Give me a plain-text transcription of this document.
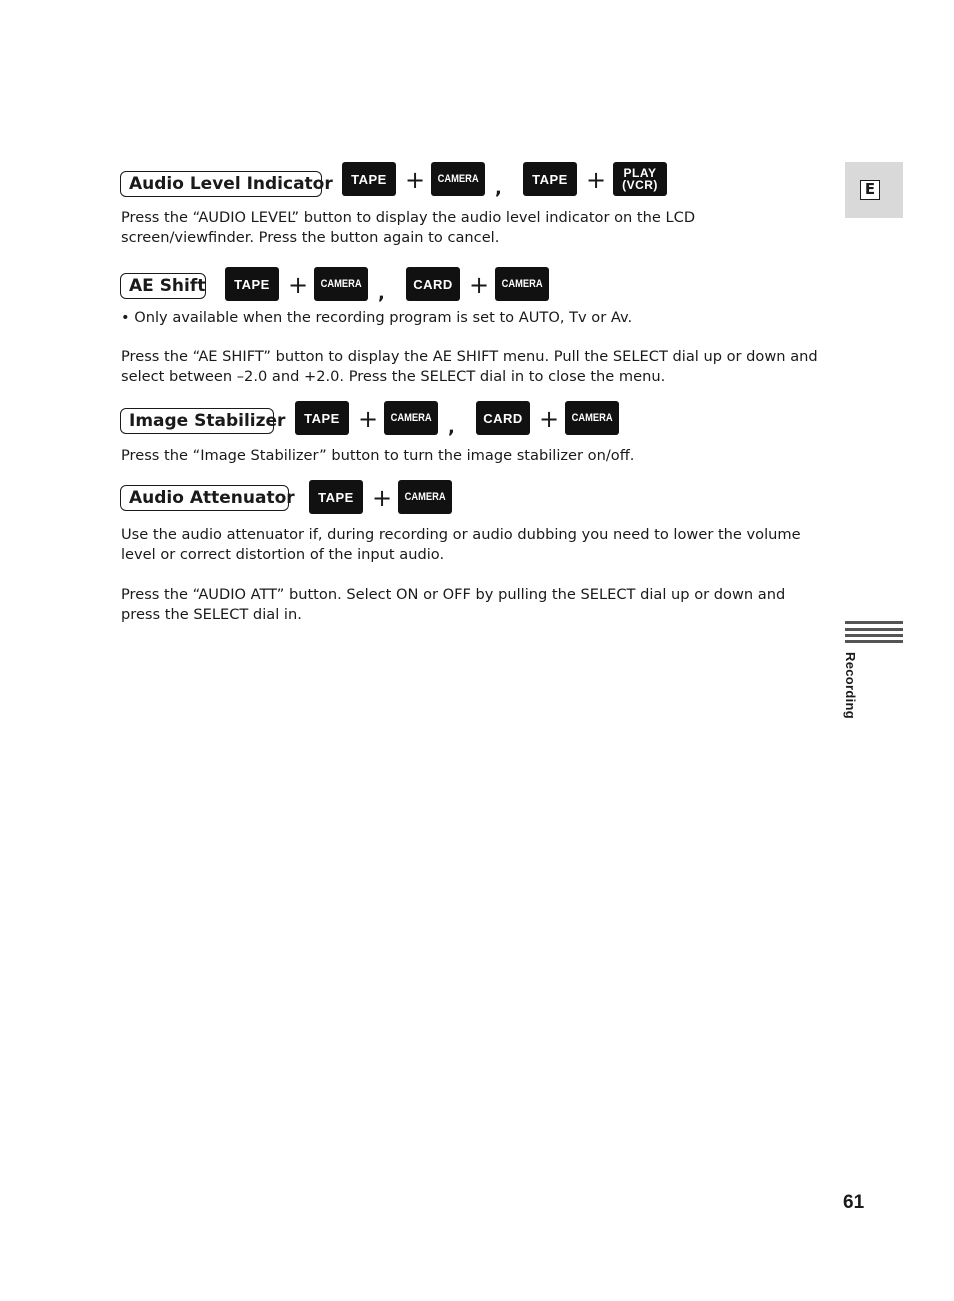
E
Recording
Audio Level Indicator	TAPE + CAMERA ,	TAPE + PLAY
(VCR)
Press the “AUDIO LEVEL” button to display the audio level indicator on the LCD screen/viewfinder. Press the button again to cancel.
AE Shift	TAPE + CAMERA ,	CARD + CAMERA
• Only available when the recording program is set to AUTO, Tv or Av.
Press the “AE SHIFT” button to display the AE SHIFT menu. Pull the SELECT dial up or down and select between –2.0 and +2.0. Press the SELECT dial in to close the menu.
Image Stabilizer	TAPE + CAMERA ,	CARD + CAMERA
Press the “Image Stabilizer” button to turn the image stabilizer on/off.
Audio Attenuator	TAPE + CAMERA
Use the audio attenuator if, during recording or audio dubbing you need to lower the volume level or correct distortion of the input audio.
Press the “AUDIO ATT” button. Select ON or OFF by pulling the SELECT dial up or down and press the SELECT dial in.
61
